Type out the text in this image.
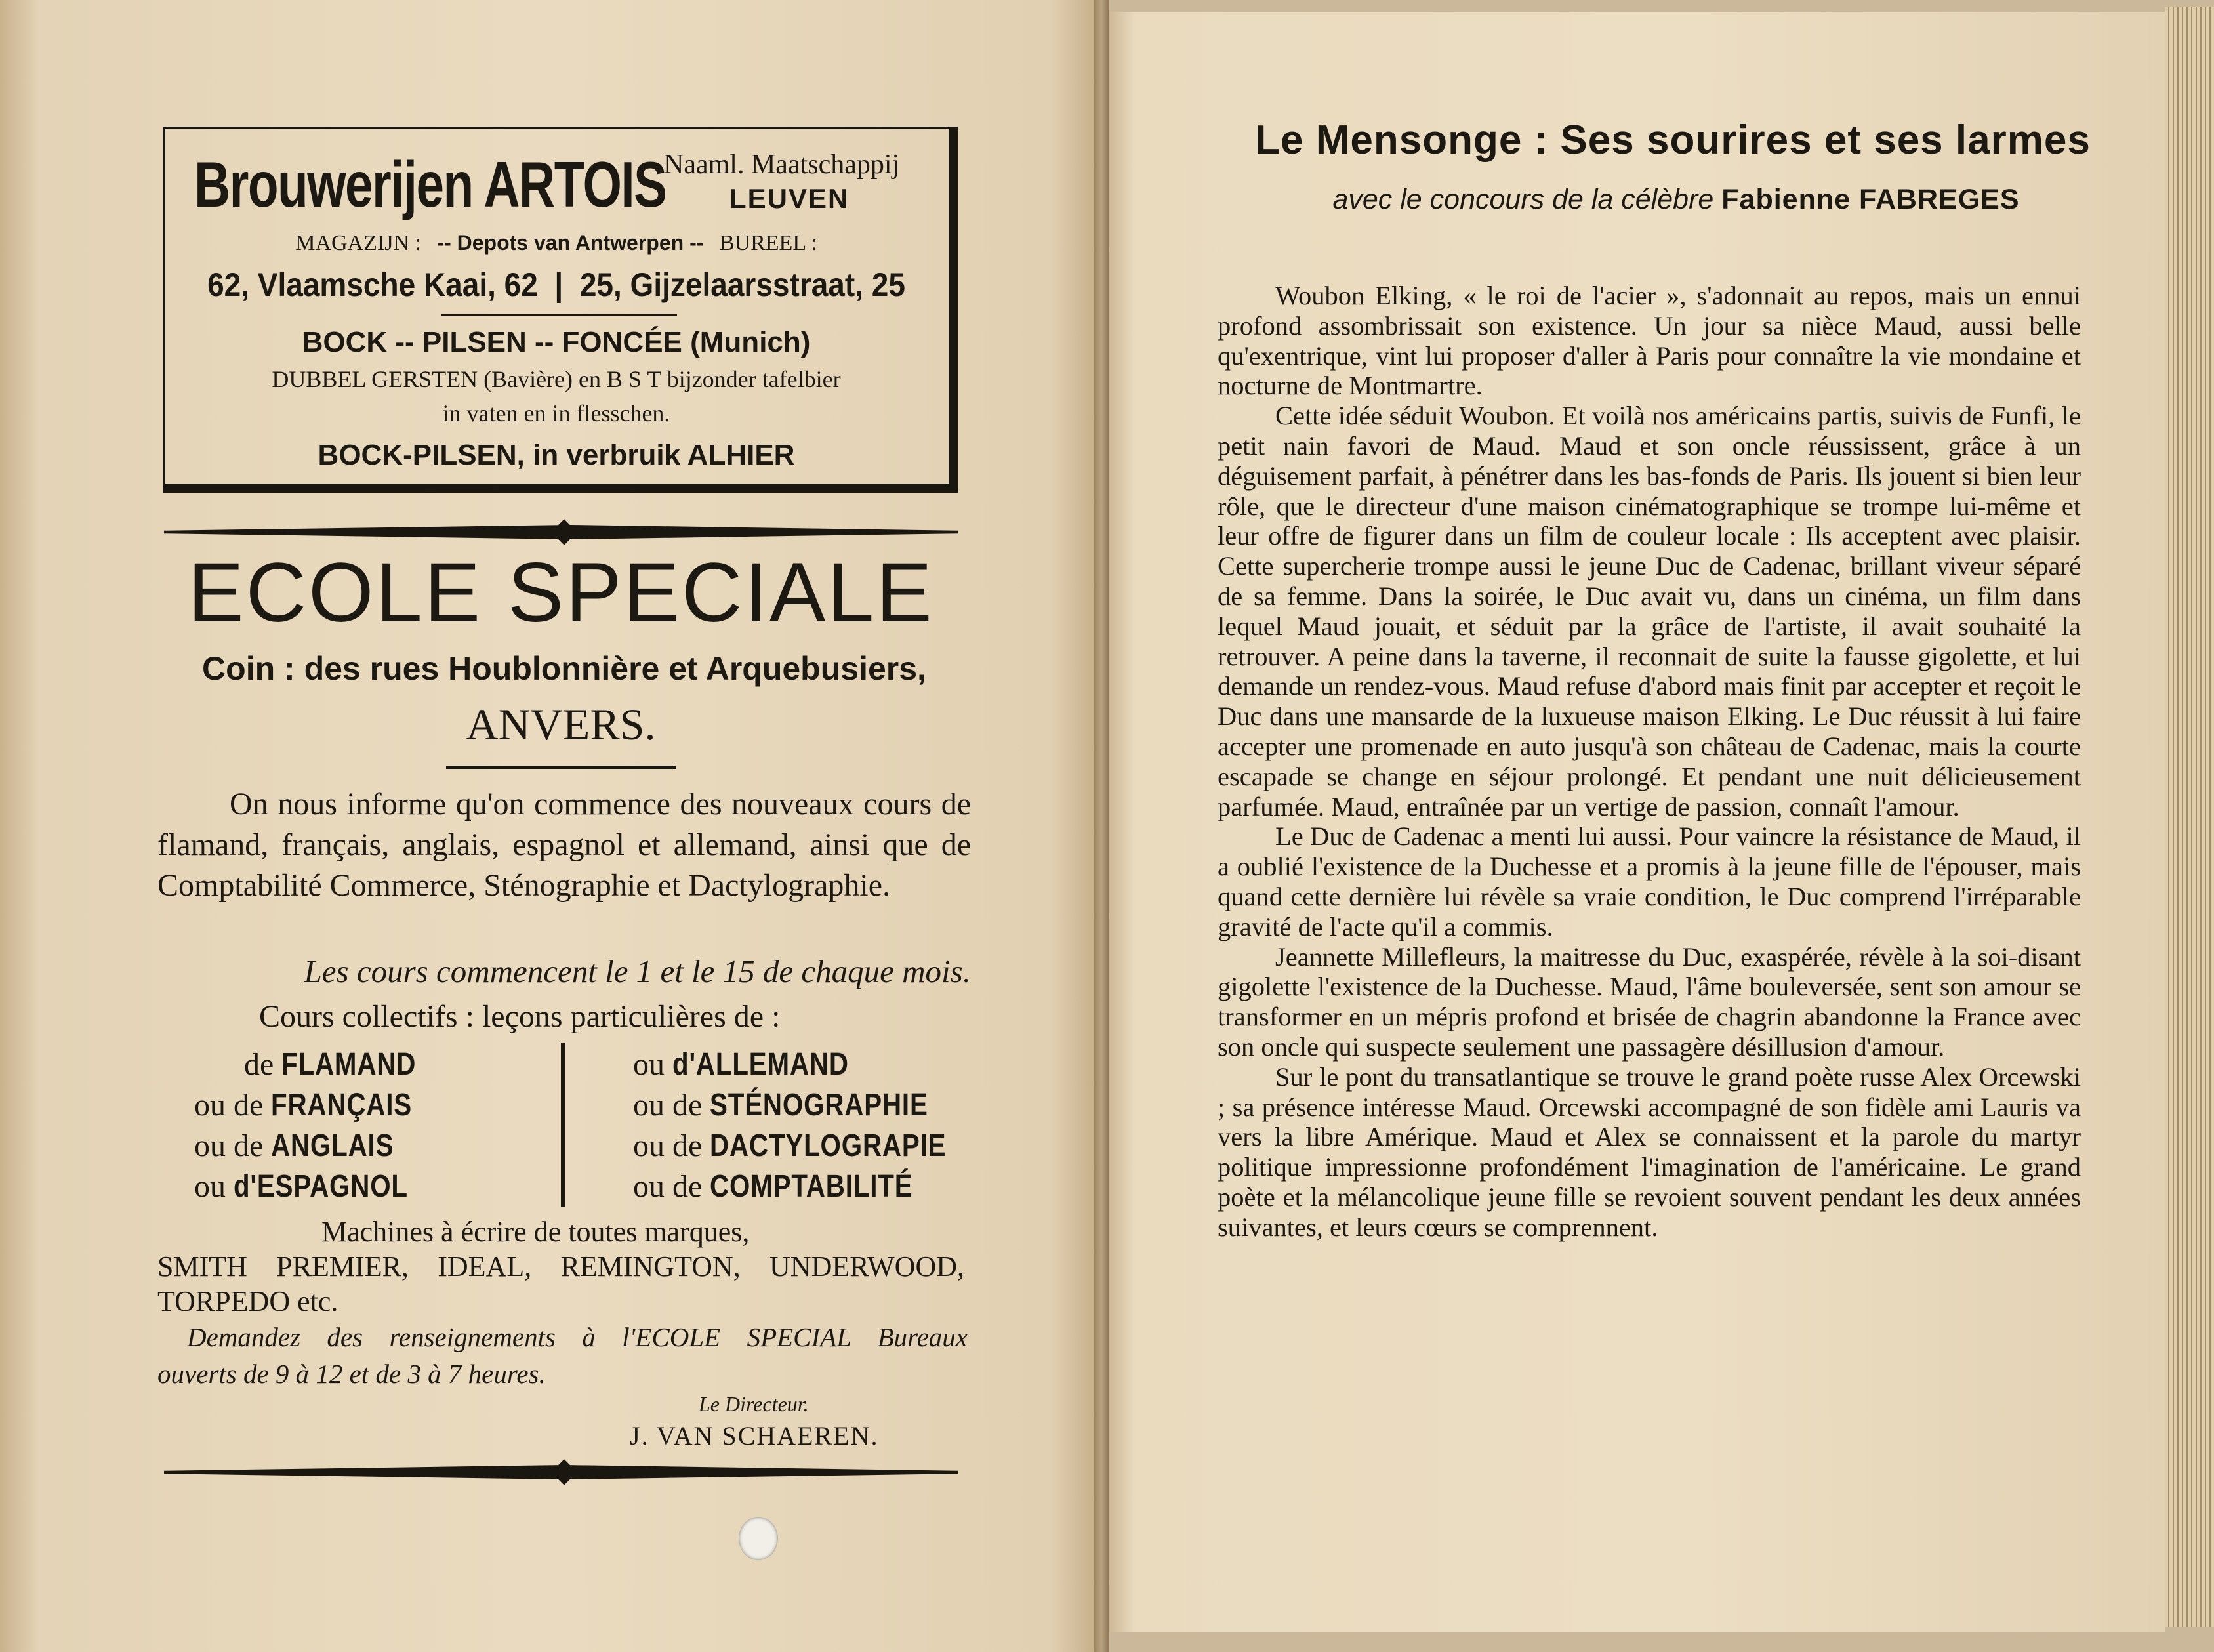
Brouwerijen ARTOIS
Naaml. Maatschappij
LEUVEN
MAGAZIJN : -- Depots van Antwerpen -- BUREEL :
62, Vlaamsche Kaai, 62  |  25, Gijzelaarsstraat, 25
BOCK -- PILSEN -- FONCÉE (Munich)
DUBBEL GERSTEN (Bavière) en B S T bijzonder tafelbier
in vaten en in flesschen.
BOCK-PILSEN, in verbruik ALHIER
ECOLE SPECIALE
Coin : des rues Houblonnière et Arquebusiers,
ANVERS.
On nous informe qu'on commence des nouveaux cours de flamand, français, anglais, espagnol et allemand, ainsi que de Comptabilité Commerce, Sténographie et Dactylographie.
Les cours commencent le 1 et le 15 de chaque mois.
Cours collectifs : leçons particulières de :
de FLAMAND
ou de FRANÇAIS
ou de ANGLAIS
ou d'ESPAGNOL
ou d'ALLEMAND
ou de STÉNOGRAPHIE
ou de DACTYLOGRAPIE
ou de COMPTABILITÉ
Machines à écrire de toutes marques,
SMITH PREMIER, IDEAL, REMINGTON, UNDERWOOD,
TORPEDO etc.
Demandez des renseignements à l'ECOLE SPECIAL Bureaux
ouverts de 9 à 12 et de 3 à 7 heures.
Le Directeur.
J. VAN SCHAEREN.
Le Mensonge : Ses sourires et ses larmes
avec le concours de la célèbre Fabienne FABREGES

Woubon Elking, « le roi de l'acier », s'adonnait au repos, mais un ennui profond assombrissait son existence. Un jour sa nièce Maud, aussi belle qu'exentrique, vint lui proposer d'aller à Paris pour connaître la vie mondaine et nocturne de Montmartre.

Cette idée séduit Woubon. Et voilà nos américains partis, suivis de Funfi, le petit nain favori de Maud. Maud et son oncle réussissent, grâce à un déguisement parfait, à pénétrer dans les bas-fonds de Paris. Ils jouent si bien leur rôle, que le directeur d'une maison cinématographique se trompe lui-même et leur offre de figurer dans un film de couleur locale : Ils acceptent avec plaisir. Cette supercherie trompe aussi le jeune Duc de Cadenac, brillant viveur séparé de sa femme. Dans la soirée, le Duc avait vu, dans un cinéma, un film dans lequel Maud jouait, et séduit par la grâce de l'artiste, il avait souhaité la retrouver. A peine dans la taverne, il reconnait de suite la fausse gigolette, et lui demande un rendez-vous. Maud refuse d'abord mais finit par accepter et reçoit le Duc dans une mansarde de la luxueuse maison Elking. Le Duc réussit à lui faire accepter une promenade en auto jusqu'à son château de Cadenac, mais la courte escapade se change en séjour prolongé. Et pendant une nuit délicieusement parfumée. Maud, entraînée par un vertige de passion, connaît l'amour.

Le Duc de Cadenac a menti lui aussi. Pour vaincre la résistance de Maud, il a oublié l'existence de la Duchesse et a promis à la jeune fille de l'épouser, mais quand cette dernière lui révèle sa vraie condition, le Duc comprend l'irréparable gravité de l'acte qu'il a commis.

Jeannette Millefleurs, la maitresse du Duc, exaspérée, révèle à la soi-disant gigolette l'existence de la Duchesse. Maud, l'âme bouleversée, sent son amour se transformer en un mépris profond et brisée de chagrin abandonne la France avec son oncle qui suspecte seulement une passagère désillusion d'amour.

Sur le pont du transatlantique se trouve le grand poète russe Alex Orcewski ; sa présence intéresse Maud. Orcewski accompagné de son fidèle ami Lauris va vers la libre Amérique. Maud et Alex se connaissent et la parole du martyr politique impressionne profondément l'imagination de l'américaine. Le grand poète et la mélancolique jeune fille se revoient souvent pendant les deux années suivantes, et leurs cœurs se comprennent.
